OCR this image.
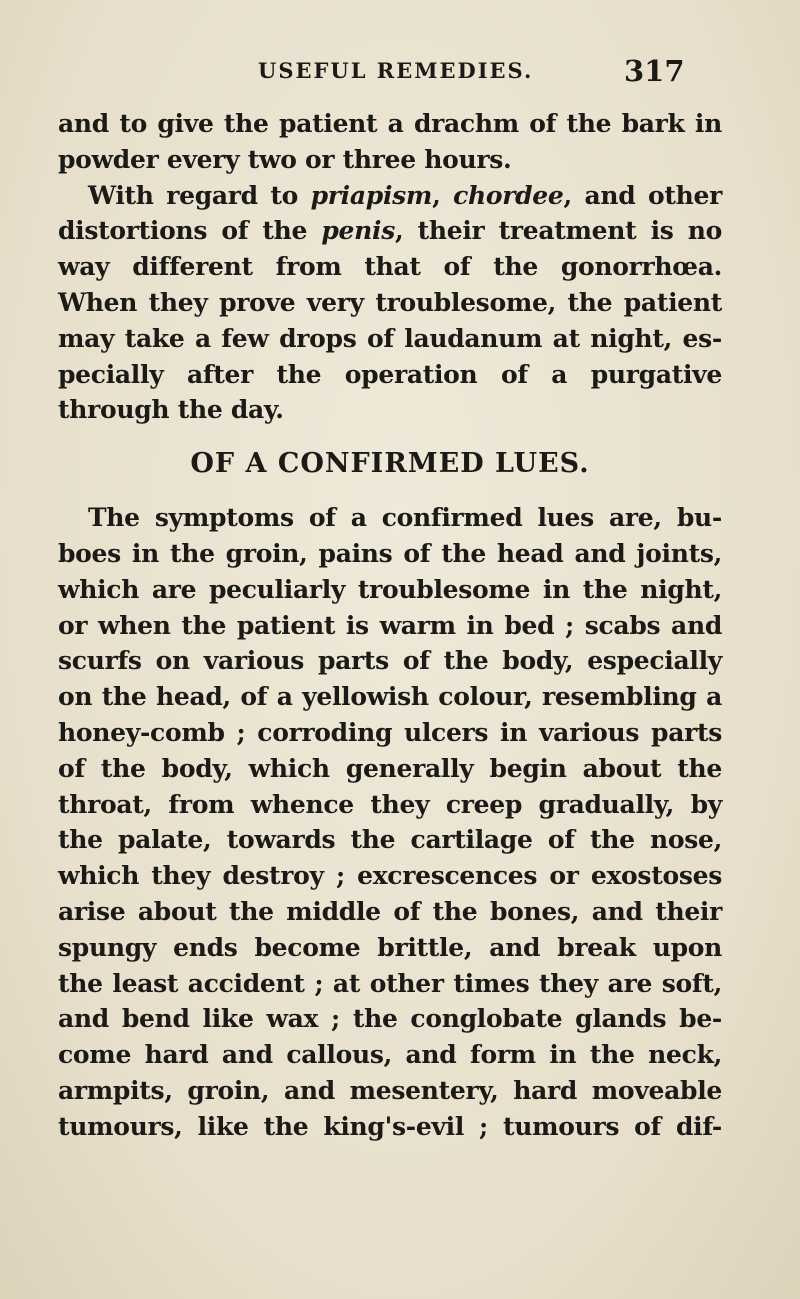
USEFUL REMEDIES.	317
and to give the patient a drachm of the bark in
powder every two or three hours.
With regard to priapism, chordee, and other
distortions of the penis, their treatment is no
way different from that of the gonorrhœa.
When they prove very troublesome, the patient
may take a few drops of laudanum at night, es-
pecially after the operation of a purgative
through the day.
OF A CONFIRMED LUES.
The symptoms of a confirmed lues are, bu-
boes in the groin, pains of the head and joints,
which are peculiarly troublesome in the night,
or when the patient is warm in bed ; scabs and
scurfs on various parts of the body, especially
on the head, of a yellowish colour, resembling a
honey-comb ; corroding ulcers in various parts
of the body, which generally begin about the
throat, from whence they creep gradually, by
the palate, towards the cartilage of the nose,
which they destroy ; excrescences or exostoses
arise about the middle of the bones, and their
spungy ends become brittle, and break upon
the least accident ; at other times they are soft,
and bend like wax ; the conglobate glands be-
come hard and callous, and form in the neck,
armpits, groin, and mesentery, hard moveable
tumours, like the king's-evil ; tumours of dif-
